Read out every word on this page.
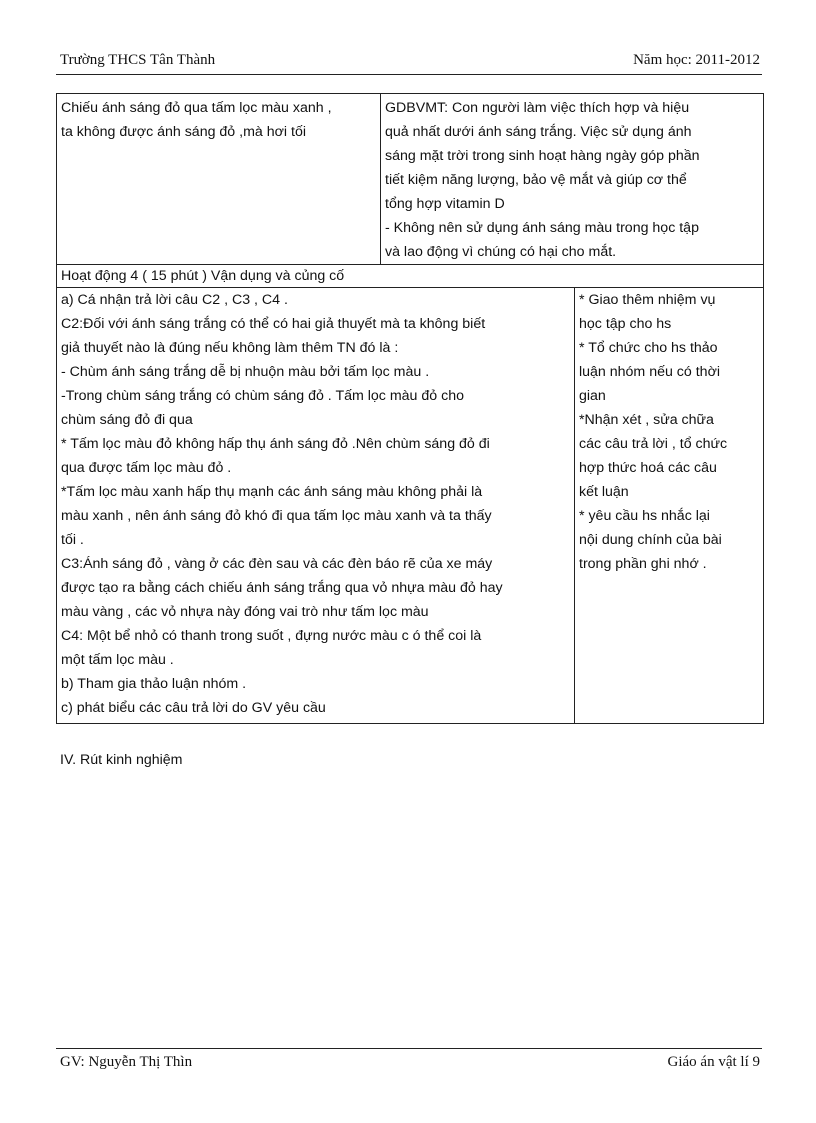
Trường THCS Tân Thành	Năm học: 2011-2012
Chiếu ánh sáng đỏ qua tấm lọc màu xanh ,
ta không được ánh sáng đỏ ,mà hơi tối
GDBVMT: Con người làm việc thích hợp và hiệu
quả nhất dưới ánh sáng trắng. Việc sử dụng ánh
sáng mặt trời trong sinh hoạt hàng ngày góp phần
tiết kiệm năng lượng, bảo vệ mắt và giúp cơ thể
tổng hợp vitamin D
- Không nên sử dụng ánh sáng màu trong học tập
và lao động vì chúng có hại cho mắt.
Hoạt động 4 ( 15 phút ) Vận dụng và củng cố
a) Cá nhận trả lời câu C2 , C3 , C4 .
C2:Đối với ánh sáng trắng có thể có hai giả thuyết mà ta không biết
giả thuyết nào là đúng nếu không làm thêm TN đó là :
- Chùm ánh sáng trắng dễ bị nhuộn màu bởi tấm lọc màu .
-Trong chùm sáng trắng có chùm sáng đỏ . Tấm lọc màu đỏ cho
chùm sáng đỏ đi qua
* Tấm lọc màu đỏ không hấp thụ ánh sáng đỏ .Nên chùm sáng đỏ đi
qua được tấm lọc màu đỏ .
*Tấm lọc màu xanh hấp thụ mạnh các ánh sáng màu không phải là
màu xanh , nên ánh sáng đỏ khó đi qua tấm lọc màu xanh và ta thấy
tối .
C3:Ánh sáng đỏ , vàng ở các đèn sau và các đèn báo rẽ của xe máy
được tạo ra bằng cách chiếu ánh sáng trắng qua vỏ nhựa màu đỏ hay
màu vàng , các vỏ nhựa này đóng vai trò như tấm lọc màu
C4: Một bể nhỏ có thanh trong suốt , đựng nước màu c ó thể coi là
một tấm lọc màu .
b) Tham gia thảo luận nhóm .
c) phát biểu các câu trả lời do GV yêu cầu
* Giao thêm nhiệm vụ
học tập cho hs
* Tổ chức cho hs thảo
luận nhóm nếu có thời
gian
*Nhận xét , sửa chữa
các câu trả lời , tổ chức
hợp thức hoá các câu
kết luận
* yêu cầu hs nhắc lại
nội dung chính của bài
trong phần ghi nhớ .
IV. Rút kinh nghiệm
GV: Nguyễn Thị Thìn	Giáo án vật lí 9
